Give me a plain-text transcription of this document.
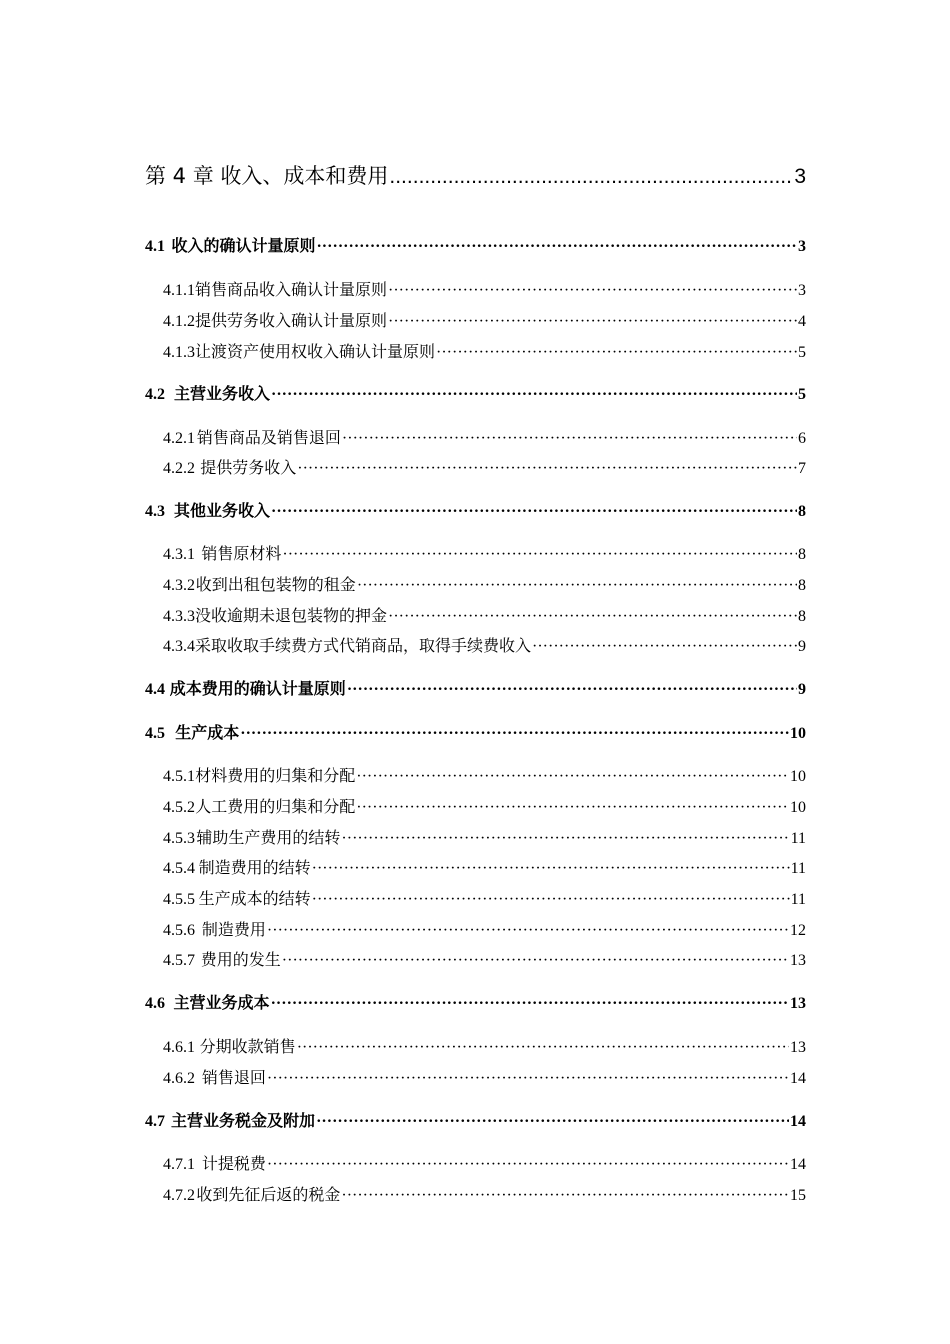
第 4 章 收入、成本和费用 .....	3
4.1 收入的确认计量原则 ·····	3
4.1.1 销售商品收入确认计量原则 ·····	3
4.1.2 提供劳务收入确认计量原则 ·····	4
4.1.3 让渡资产使用权收入确认计量原则 ·····	5
4.2 主营业务收入 ·····	5
4.2.1 销售商品及销售退回 ·····	6
4.2.2 提供劳务收入 ·····	7
4.3 其他业务收入 ·····	8
4.3.1 销售原材料 ·····	8
4.3.2 收到出租包装物的租金 ·····	8
4.3.3 没收逾期未退包装物的押金 ·····	8
4.3.4 采取收取手续费方式代销商品，取得手续费收入 ·····	9
4.4 成本费用的确认计量原则 ·····	9
4.5 生产成本 ·····	10
4.5.1 材料费用的归集和分配 ·····	10
4.5.2 人工费用的归集和分配 ·····	10
4.5.3 辅助生产费用的结转 ·····	11
4.5.4 制造费用的结转 ·····	11
4.5.5 生产成本的结转 ·····	11
4.5.6 制造费用 ·····	12
4.5.7 费用的发生 ·····	13
4.6 主营业务成本 ·····	13
4.6.1 分期收款销售 ·····	13
4.6.2 销售退回 ·····	14
4.7 主营业务税金及附加 ·····	14
4.7.1 计提税费 ·····	14
4.7.2 收到先征后返的税金 ·····	15
